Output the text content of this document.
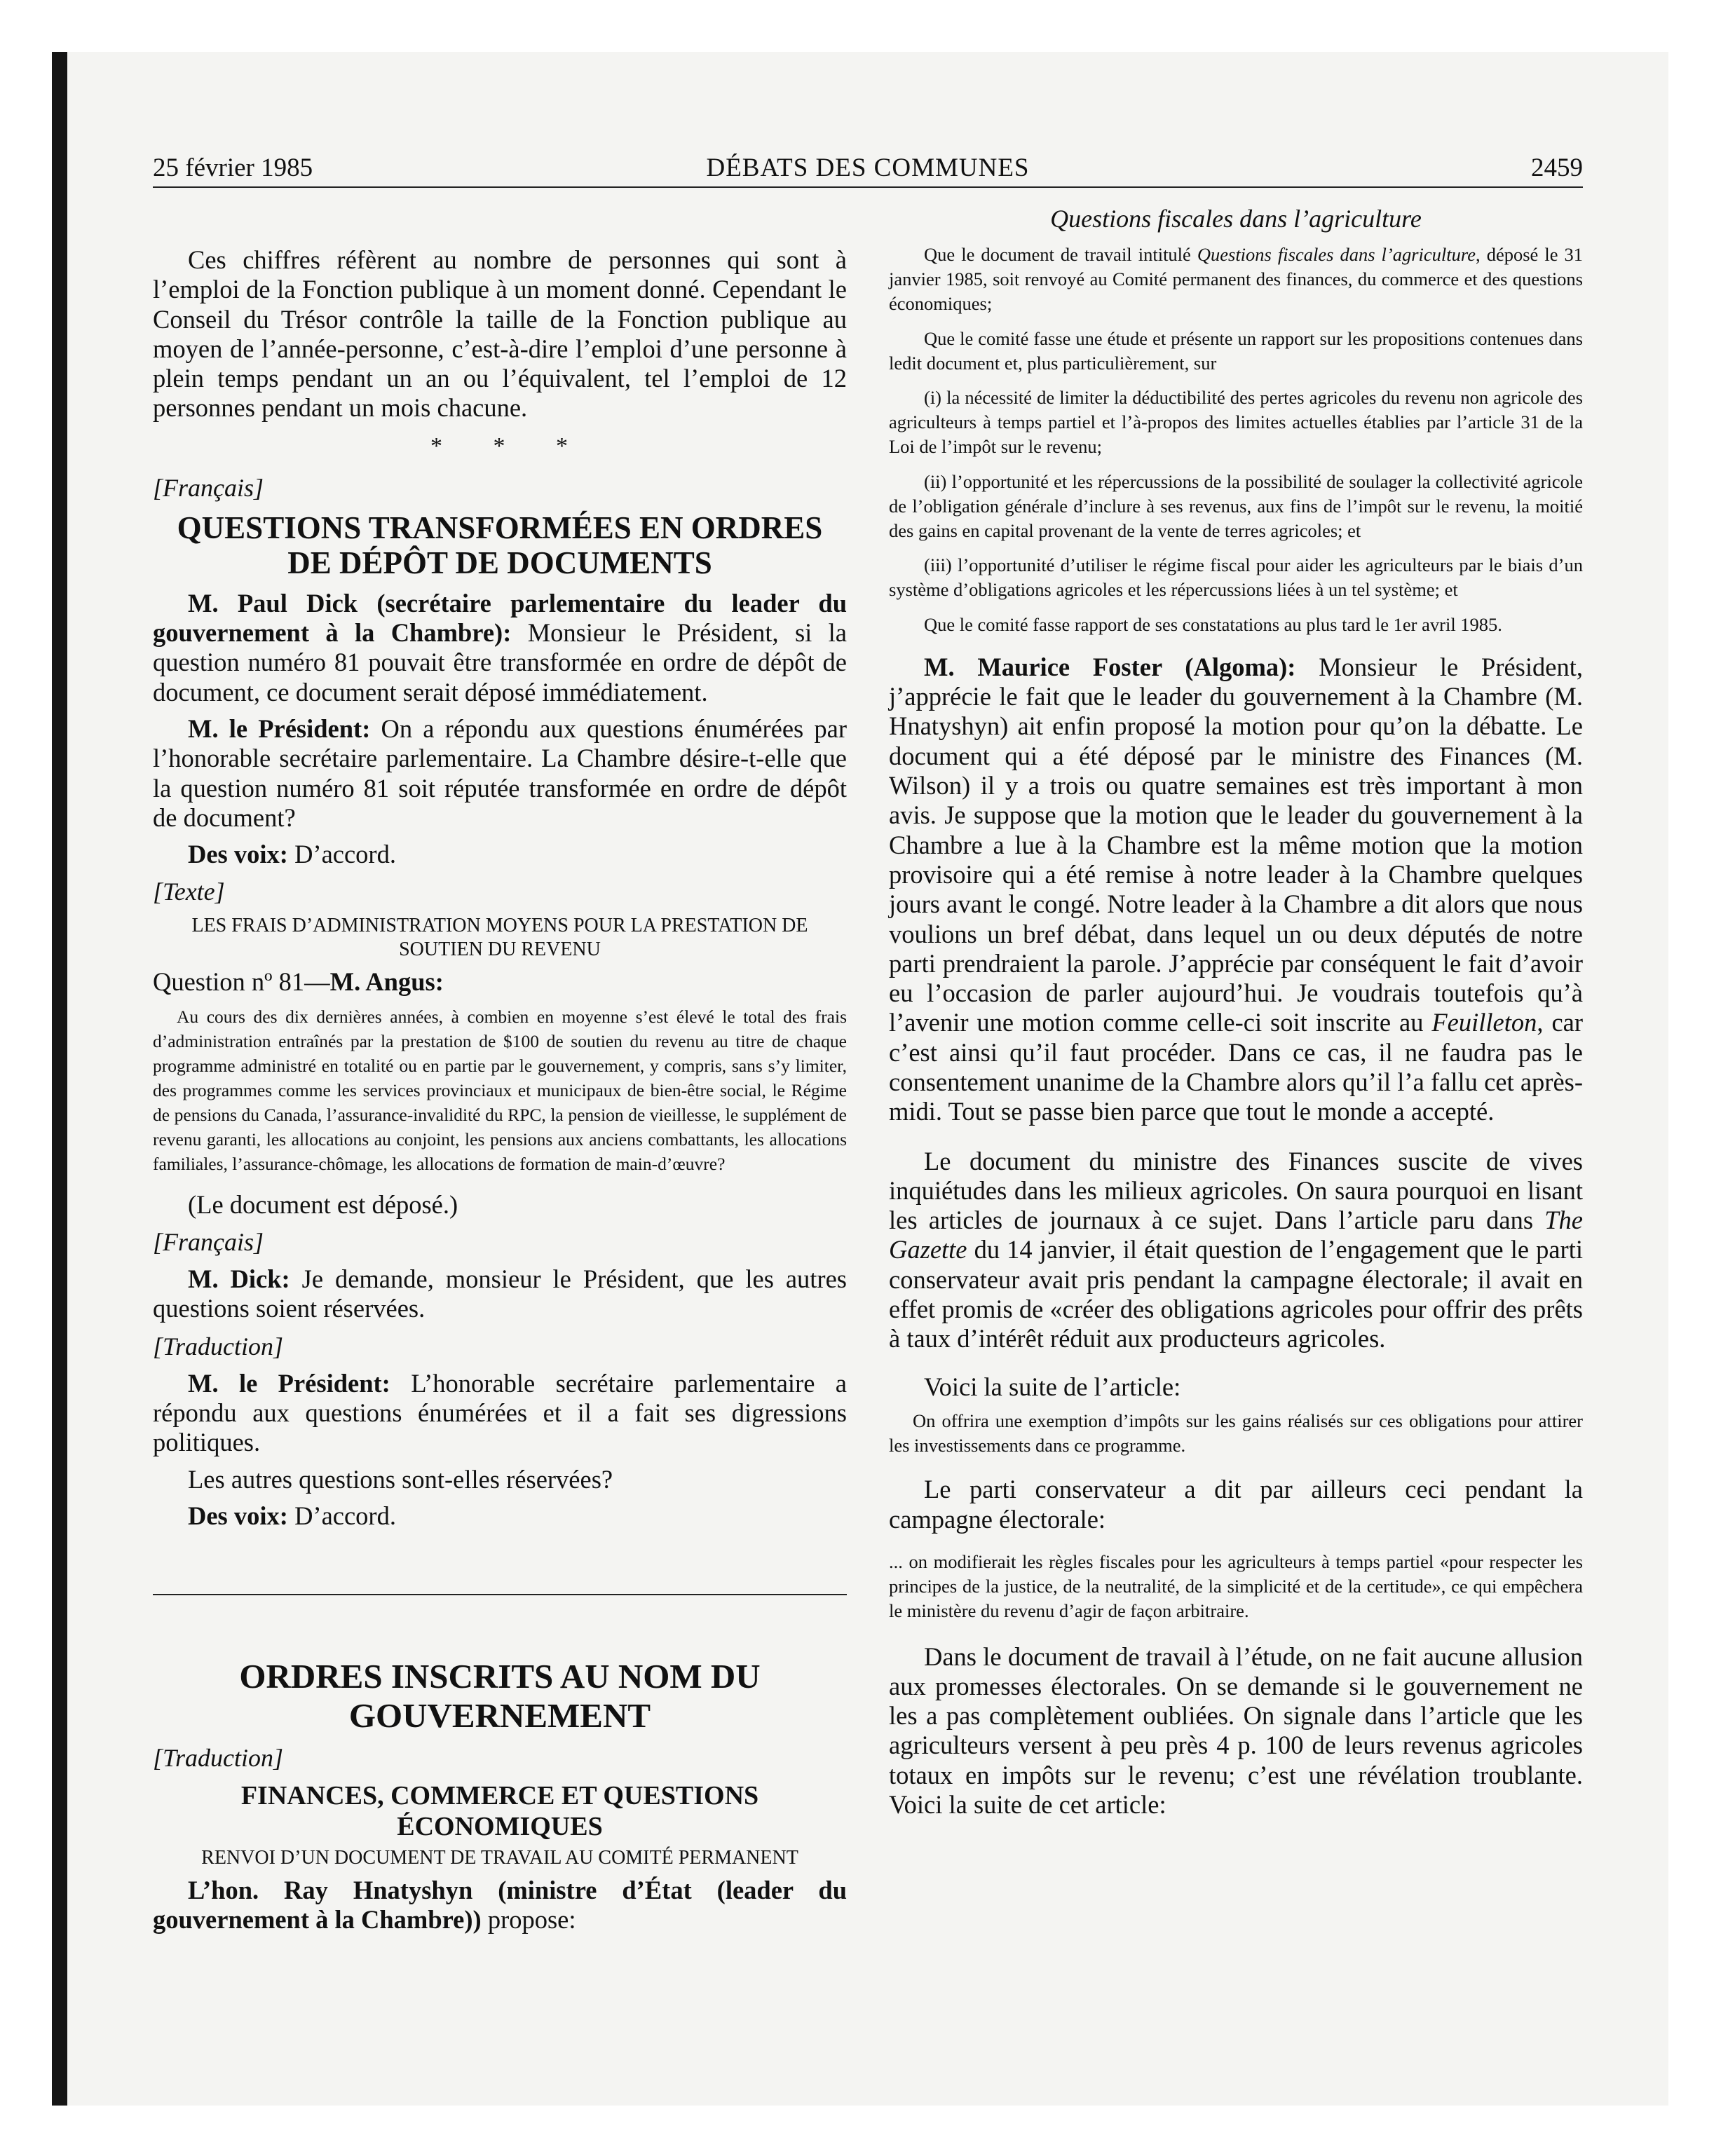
25 février 1985	DÉBATS DES COMMUNES	2459

Ces chiffres réfèrent au nombre de personnes qui sont à l’emploi de la Fonction publique à un moment donné. Cependant le Conseil du Trésor contrôle la taille de la Fonction publique au moyen de l’année-personne, c’est-à-dire l’emploi d’une personne à plein temps pendant un an ou l’équivalent, tel l’emploi de 12 personnes pendant un mois chacune.

* * *
[Français]
QUESTIONS TRANSFORMÉES EN ORDRES DE DÉPÔT DE DOCUMENTS

M. Paul Dick (secrétaire parlementaire du leader du gouvernement à la Chambre): Monsieur le Président, si la question numéro 81 pouvait être transformée en ordre de dépôt de document, ce document serait déposé immédiatement.

M. le Président: On a répondu aux questions énumérées par l’honorable secrétaire parlementaire. La Chambre désire-t-elle que la question numéro 81 soit réputée transformée en ordre de dépôt de document?

Des voix: D’accord.

[Texte]
LES FRAIS D’ADMINISTRATION MOYENS POUR LA PRESTATION DE SOUTIEN DU REVENU

Question nº 81—M. Angus:

Au cours des dix dernières années, à combien en moyenne s’est élevé le total des frais d’administration entraînés par la prestation de $100 de soutien du revenu au titre de chaque programme administré en totalité ou en partie par le gouvernement, y compris, sans s’y limiter, des programmes comme les services provinciaux et municipaux de bien-être social, le Régime de pensions du Canada, l’assurance-invalidité du RPC, la pension de vieillesse, le supplément de revenu garanti, les allocations au conjoint, les pensions aux anciens combattants, les allocations familiales, l’assurance-chômage, les allocations de formation de main-d’œuvre?

(Le document est déposé.)

[Français]

M. Dick: Je demande, monsieur le Président, que les autres questions soient réservées.

[Traduction]

M. le Président: L’honorable secrétaire parlementaire a répondu aux questions énumérées et il a fait ses digressions politiques.

Les autres questions sont-elles réservées?

Des voix: D’accord.

ORDRES INSCRITS AU NOM DU GOUVERNEMENT
[Traduction]
FINANCES, COMMERCE ET QUESTIONS ÉCONOMIQUES
RENVOI D’UN DOCUMENT DE TRAVAIL AU COMITÉ PERMANENT

L’hon. Ray Hnatyshyn (ministre d’État (leader du gouvernement à la Chambre)) propose:

Questions fiscales dans l’agriculture

Que le document de travail intitulé Questions fiscales dans l’agriculture, déposé le 31 janvier 1985, soit renvoyé au Comité permanent des finances, du commerce et des questions économiques;

Que le comité fasse une étude et présente un rapport sur les propositions contenues dans ledit document et, plus particulièrement, sur

(i) la nécessité de limiter la déductibilité des pertes agricoles du revenu non agricole des agriculteurs à temps partiel et l’à-propos des limites actuelles établies par l’article 31 de la Loi de l’impôt sur le revenu;

(ii) l’opportunité et les répercussions de la possibilité de soulager la collectivité agricole de l’obligation générale d’inclure à ses revenus, aux fins de l’impôt sur le revenu, la moitié des gains en capital provenant de la vente de terres agricoles; et

(iii) l’opportunité d’utiliser le régime fiscal pour aider les agriculteurs par le biais d’un système d’obligations agricoles et les répercussions liées à un tel système; et

Que le comité fasse rapport de ses constatations au plus tard le 1er avril 1985.

M. Maurice Foster (Algoma): Monsieur le Président, j’apprécie le fait que le leader du gouvernement à la Chambre (M. Hnatyshyn) ait enfin proposé la motion pour qu’on la débatte. Le document qui a été déposé par le ministre des Finances (M. Wilson) il y a trois ou quatre semaines est très important à mon avis. Je suppose que la motion que le leader du gouvernement à la Chambre a lue à la Chambre est la même motion que la motion provisoire qui a été remise à notre leader à la Chambre quelques jours avant le congé. Notre leader à la Chambre a dit alors que nous voulions un bref débat, dans lequel un ou deux députés de notre parti prendraient la parole. J’apprécie par conséquent le fait d’avoir eu l’occasion de parler aujourd’hui. Je voudrais toutefois qu’à l’avenir une motion comme celle-ci soit inscrite au Feuilleton, car c’est ainsi qu’il faut procéder. Dans ce cas, il ne faudra pas le consentement unanime de la Chambre alors qu’il l’a fallu cet après-midi. Tout se passe bien parce que tout le monde a accepté.

Le document du ministre des Finances suscite de vives inquiétudes dans les milieux agricoles. On saura pourquoi en lisant les articles de journaux à ce sujet. Dans l’article paru dans The Gazette du 14 janvier, il était question de l’engagement que le parti conservateur avait pris pendant la campagne électorale; il avait en effet promis de «créer des obligations agricoles pour offrir des prêts à taux d’intérêt réduit aux producteurs agricoles.

Voici la suite de l’article:

On offrira une exemption d’impôts sur les gains réalisés sur ces obligations pour attirer les investissements dans ce programme.

Le parti conservateur a dit par ailleurs ceci pendant la campagne électorale:

... on modifierait les règles fiscales pour les agriculteurs à temps partiel «pour respecter les principes de la justice, de la neutralité, de la simplicité et de la certitude», ce qui empêchera le ministère du revenu d’agir de façon arbitraire.

Dans le document de travail à l’étude, on ne fait aucune allusion aux promesses électorales. On se demande si le gouvernement ne les a pas complètement oubliées. On signale dans l’article que les agriculteurs versent à peu près 4 p. 100 de leurs revenus agricoles totaux en impôts sur le revenu; c’est une révélation troublante. Voici la suite de cet article:
